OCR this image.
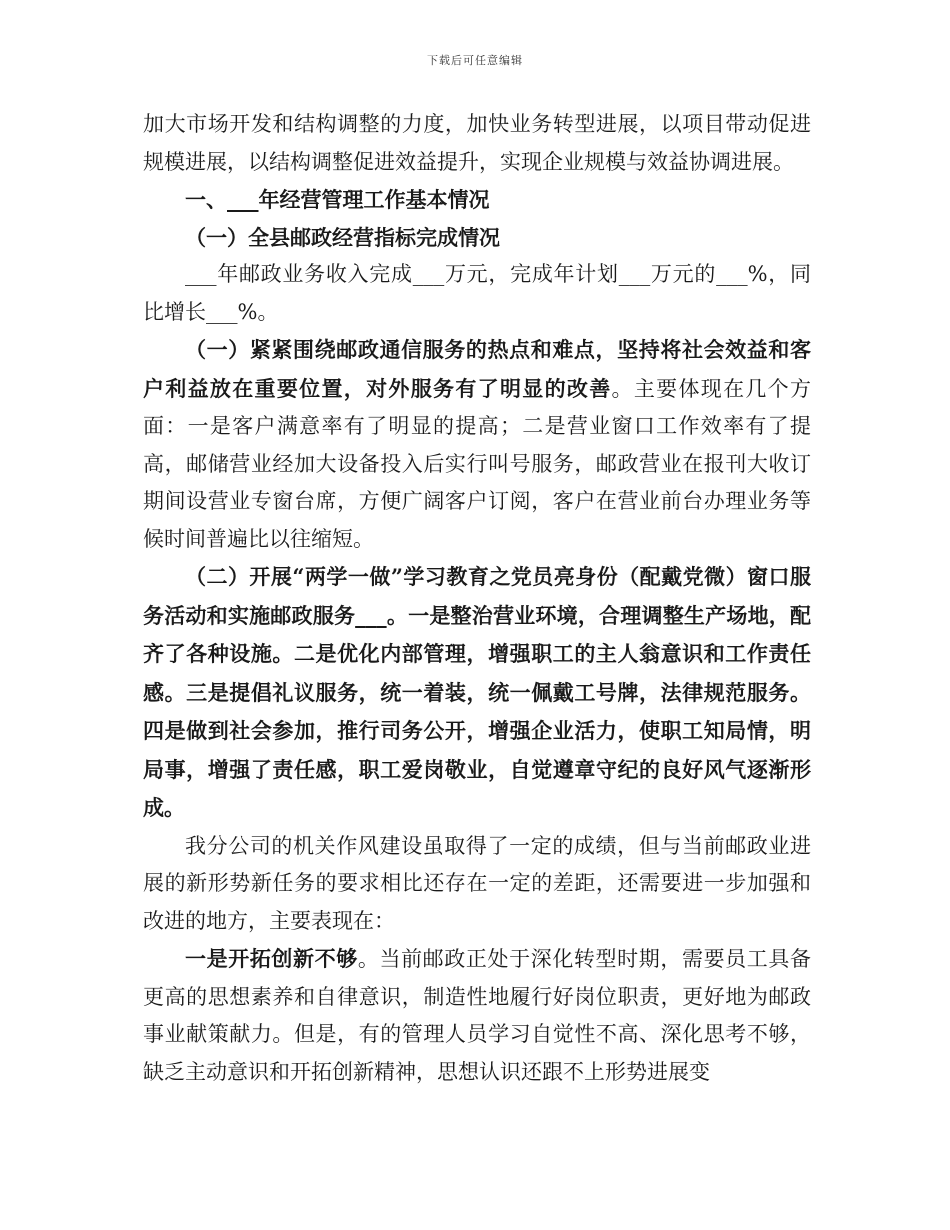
下载后可任意编辑

加大市场开发和结构调整的力度，加快业务转型进展，以项目带动促进规模进展，以结构调整促进效益提升，实现企业规模与效益协调进展。

一、___年经营管理工作基本情况

（一）全县邮政经营指标完成情况

___年邮政业务收入完成___万元，完成年计划___万元的___%，同比增长___%。

（一）紧紧围绕邮政通信服务的热点和难点，坚持将社会效益和客户利益放在重要位置，对外服务有了明显的改善。主要体现在几个方面：一是客户满意率有了明显的提高；二是营业窗口工作效率有了提高，邮储营业经加大设备投入后实行叫号服务，邮政营业在报刊大收订期间设营业专窗台席，方便广阔客户订阅，客户在营业前台办理业务等候时间普遍比以往缩短。

（二）开展“两学一做”学习教育之党员亮身份（配戴党微）窗口服务活动和实施邮政服务___。一是整治营业环境，合理调整生产场地，配齐了各种设施。二是优化内部管理，增强职工的主人翁意识和工作责任感。三是提倡礼议服务，统一着装，统一佩戴工号牌，法律规范服务。四是做到社会参加，推行司务公开，增强企业活力，使职工知局情，明局事，增强了责任感，职工爱岗敬业，自觉遵章守纪的良好风气逐渐形成。

我分公司的机关作风建设虽取得了一定的成绩，但与当前邮政业进展的新形势新任务的要求相比还存在一定的差距，还需要进一步加强和改进的地方，主要表现在：

一是开拓创新不够。当前邮政正处于深化转型时期，需要员工具备更高的思想素养和自律意识，制造性地履行好岗位职责，更好地为邮政事业献策献力。但是，有的管理人员学习自觉性不高、深化思考不够，缺乏主动意识和开拓创新精神，思想认识还跟不上形势进展变
